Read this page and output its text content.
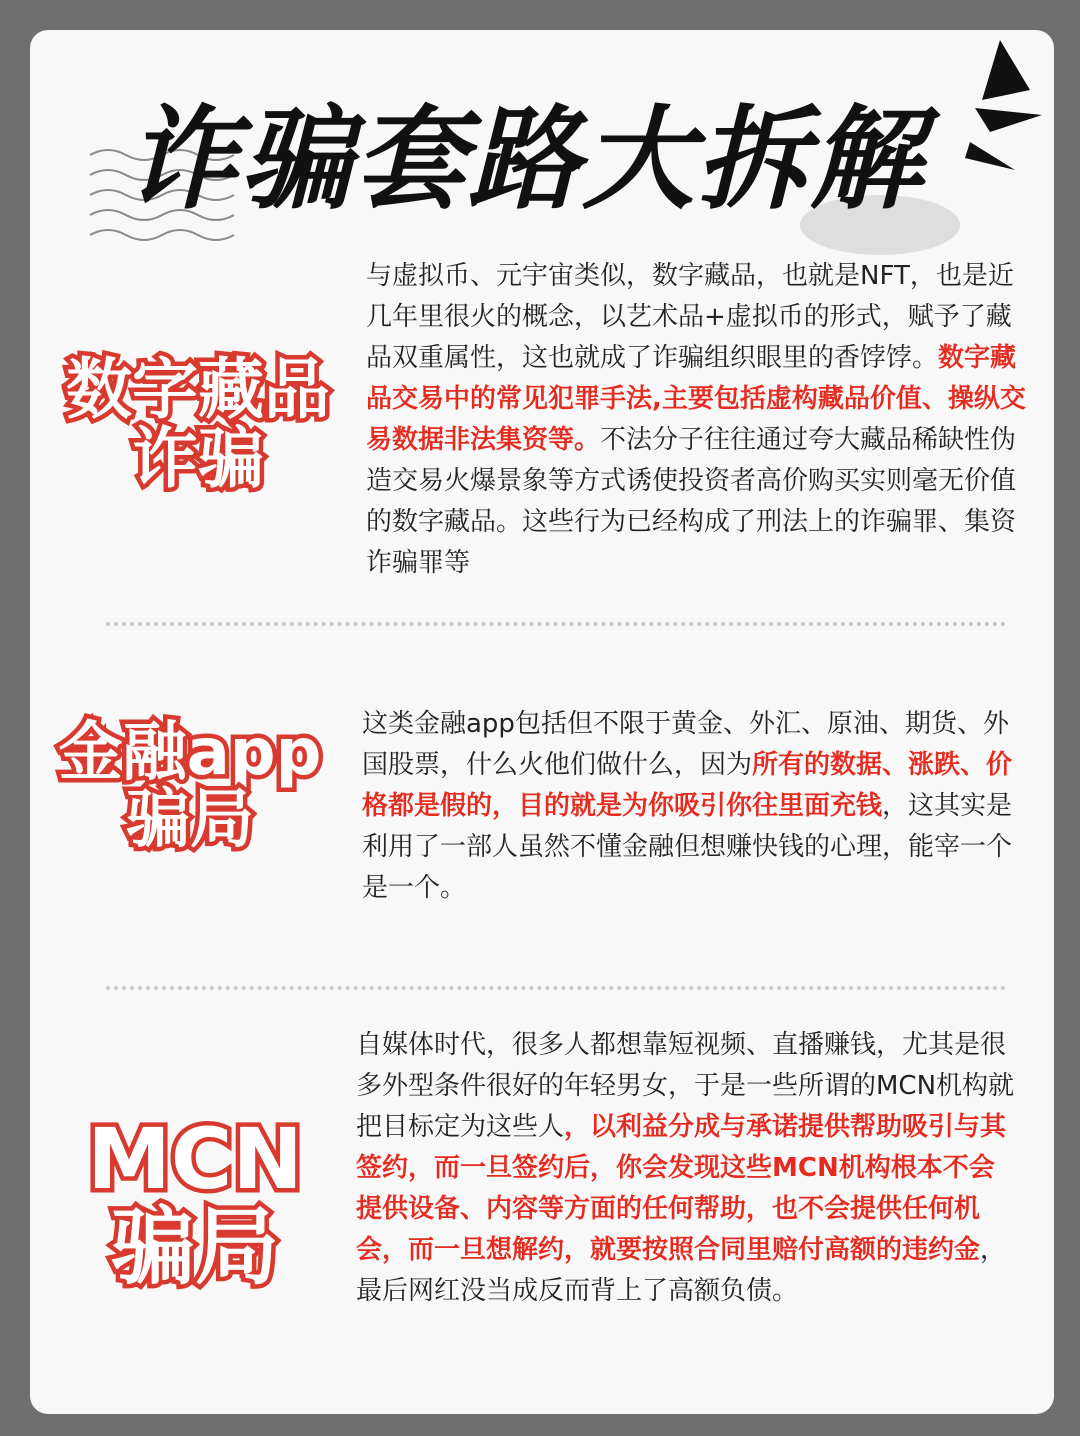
诈骗套路大拆解
数字藏品
诈骗
与虚拟币、元宇宙类似，数字藏品，也就是NFT，也是近几年里很火的概念，以艺术品+虚拟币的形式，赋予了藏品双重属性，这也就成了诈骗组织眼里的香饽饽。数字藏品交易中的常见犯罪手法,主要包括虚构藏品价值、操纵交易数据非法集资等。不法分子往往通过夸大藏品稀缺性伪造交易火爆景象等方式诱使投资者高价购买实则毫无价值的数字藏品。这些行为已经构成了刑法上的诈骗罪、集资诈骗罪等
金融app
骗局
这类金融app包括但不限于黄金、外汇、原油、期货、外国股票，什么火他们做什么，因为所有的数据、涨跌、价格都是假的，目的就是为你吸引你往里面充钱，这其实是利用了一部人虽然不懂金融但想赚快钱的心理，能宰一个是一个。
MCN
骗局
自媒体时代，很多人都想靠短视频、直播赚钱，尤其是很多外型条件很好的年轻男女，于是一些所谓的MCN机构就把目标定为这些人，以利益分成与承诺提供帮助吸引与其签约，而一旦签约后，你会发现这些MCN机构根本不会提供设备、内容等方面的任何帮助，也不会提供任何机会，而一旦想解约，就要按照合同里赔付高额的违约金，最后网红没当成反而背上了高额负债。
